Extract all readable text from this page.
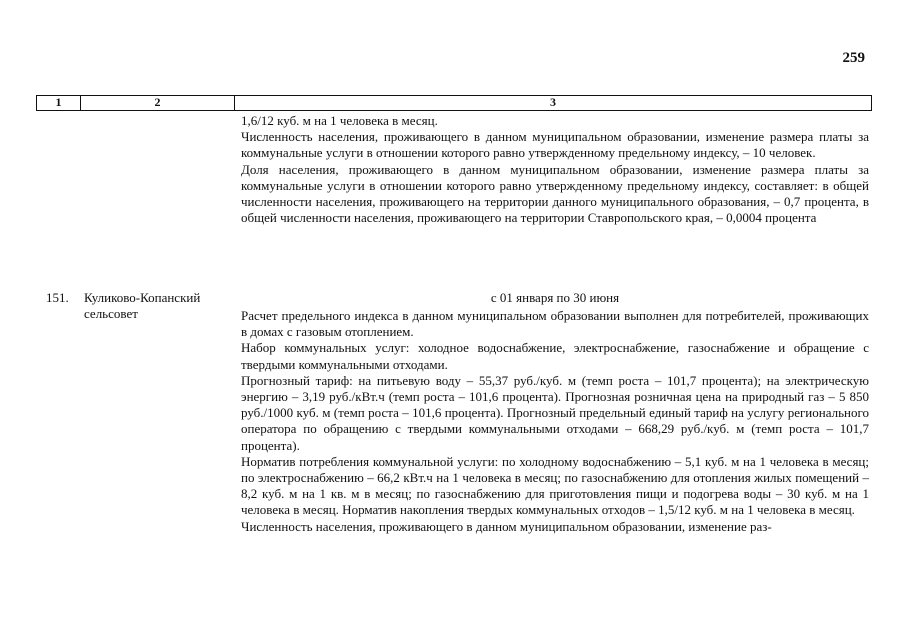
259
1	2	3

1,6/12 куб. м на 1 человека в месяц.

Численность населения, проживающего в данном муниципальном образовании, изменение размера платы за коммунальные услуги в отношении которого равно утвержденному предельному индексу, – 10 человек.

Доля населения, проживающего в данном муниципальном образовании, изменение размера платы за коммунальные услуги в отношении которого равно утвержденному предельному индексу, составляет: в общей численности населения, проживающего на территории данного муниципального образования, – 0,7 процента, в общей численности населения, проживающего на территории Ставропольского края, – 0,0004 процента

151. Куликово-Копанский сельсовет
с 01 января по 30 июня

Расчет предельного индекса в данном муниципальном образовании выполнен для потребителей, проживающих в домах с газовым отоплением.

Набор коммунальных услуг: холодное водоснабжение, электроснабжение, газоснабжение и обращение с твердыми коммунальными отходами.

Прогнозный тариф: на питьевую воду – 55,37 руб./куб. м (темп роста – 101,7 процента); на электрическую энергию – 3,19 руб./кВт.ч (темп роста – 101,6 процента). Прогнозная розничная цена на природный газ – 5 850 руб./1000 куб. м (темп роста – 101,6 процента). Прогнозный предельный единый тариф на услугу регионального оператора по обращению с твердыми коммунальными отходами – 668,29 руб./куб. м (темп роста – 101,7 процента).

Норматив потребления коммунальной услуги: по холодному водоснабжению – 5,1 куб. м на 1 человека в месяц; по электроснабжению – 66,2 кВт.ч на 1 человека в месяц; по газоснабжению для отопления жилых помещений – 8,2 куб. м на 1 кв. м в месяц; по газоснабжению для приготовления пищи и подогрева воды – 30 куб. м на 1 человека в месяц. Норматив накопления твердых коммунальных отходов – 1,5/12 куб. м на 1 человека в месяц.

Численность населения, проживающего в данном муниципальном образовании, изменение раз-
